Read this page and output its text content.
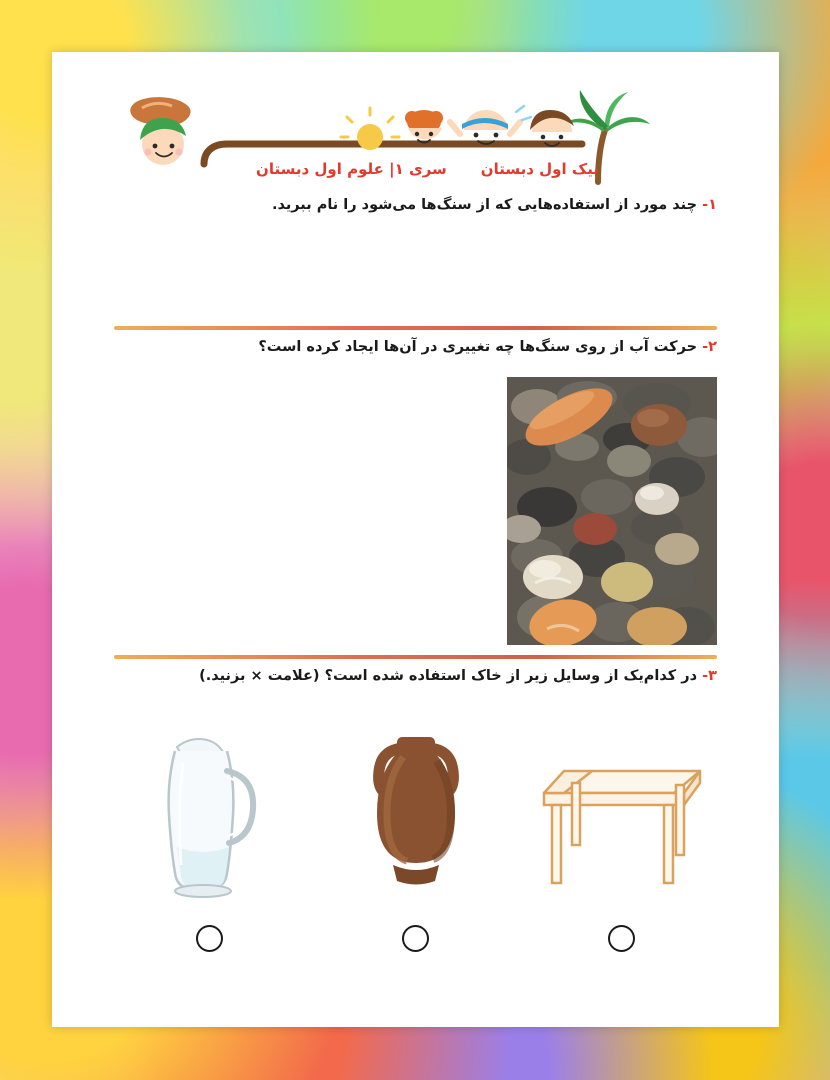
پیک اول دبستان
سری ۱| علوم اول دبستان
۱- چند مورد از استفاده‌هایی که از سنگ‌ها می‌شود را نام ببرید.
۲- حرکت آب از روی سنگ‌ها چه تغییری در آن‌ها ایجاد کرده است؟
۳- در کدام‌یک از وسایل زیر از خاک استفاده شده است؟ (علامت × بزنید.)
